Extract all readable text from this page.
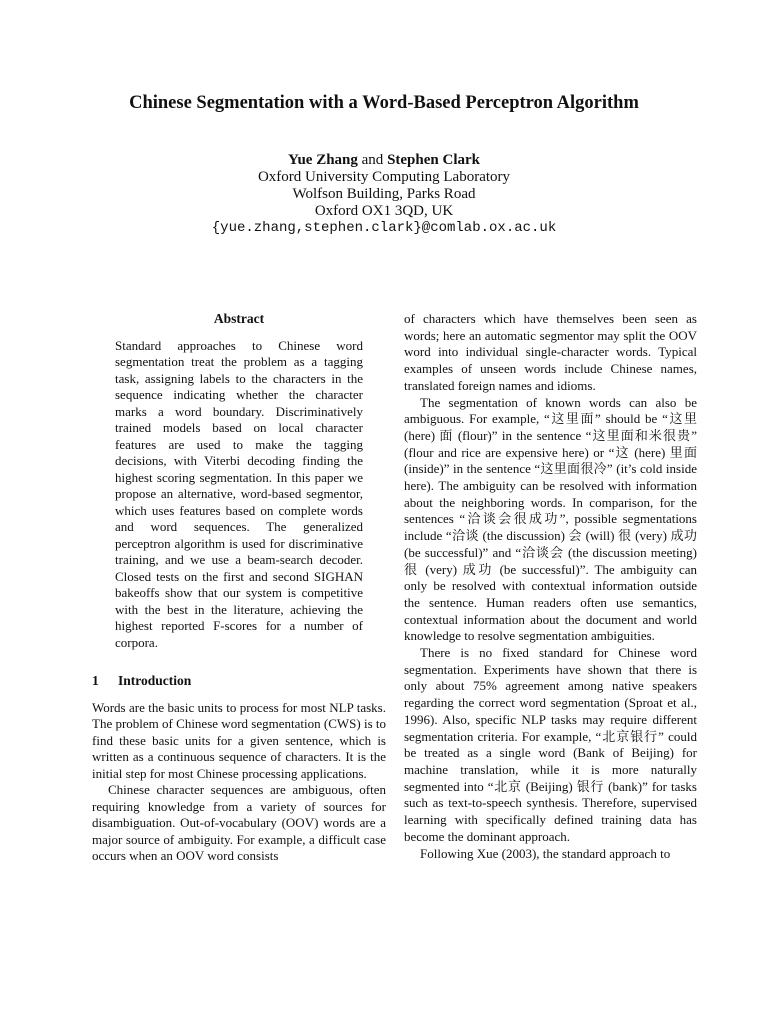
Chinese Segmentation with a Word-Based Perceptron Algorithm
Yue Zhang and Stephen Clark
Oxford University Computing Laboratory
Wolfson Building, Parks Road
Oxford OX1 3QD, UK
{yue.zhang,stephen.clark}@comlab.ox.ac.uk
Abstract

Standard approaches to Chinese word segmentation treat the problem as a tagging task, assigning labels to the characters in the sequence indicating whether the character marks a word boundary. Discriminatively trained models based on local character features are used to make the tagging decisions, with Viterbi decoding finding the highest scoring segmentation. In this paper we propose an alternative, word-based segmentor, which uses features based on complete words and word sequences. The generalized perceptron algorithm is used for discriminative training, and we use a beam-search decoder. Closed tests on the first and second SIGHAN bakeoffs show that our system is competitive with the best in the literature, achieving the highest reported F-scores for a number of corpora.

1 Introduction

Words are the basic units to process for most NLP tasks. The problem of Chinese word segmentation (CWS) is to find these basic units for a given sentence, which is written as a continuous sequence of characters. It is the initial step for most Chinese processing applications.

Chinese character sequences are ambiguous, often requiring knowledge from a variety of sources for disambiguation. Out-of-vocabulary (OOV) words are a major source of ambiguity. For example, a difficult case occurs when an OOV word consists

of characters which have themselves been seen as words; here an automatic segmentor may split the OOV word into individual single-character words. Typical examples of unseen words include Chinese names, translated foreign names and idioms.

The segmentation of known words can also be ambiguous. For example, “这里面” should be “这里 (here) 面 (flour)” in the sentence “这里面和米很贵” (flour and rice are expensive here) or “这 (here) 里面 (inside)” in the sentence “这里面很冷” (it’s cold inside here). The ambiguity can be resolved with information about the neighboring words. In comparison, for the sentences “洽谈会很成功”, possible segmentations include “洽谈 (the discussion) 会 (will) 很 (very) 成功 (be successful)” and “洽谈会 (the discussion meeting) 很 (very) 成功 (be successful)”. The ambiguity can only be resolved with contextual information outside the sentence. Human readers often use semantics, contextual information about the document and world knowledge to resolve segmentation ambiguities.

There is no fixed standard for Chinese word segmentation. Experiments have shown that there is only about 75% agreement among native speakers regarding the correct word segmentation (Sproat et al., 1996). Also, specific NLP tasks may require different segmentation criteria. For example, “北京银行” could be treated as a single word (Bank of Beijing) for machine translation, while it is more naturally segmented into “北京 (Beijing) 银行 (bank)” for tasks such as text-to-speech synthesis. Therefore, supervised learning with specifically defined training data has become the dominant approach.

Following Xue (2003), the standard approach to
